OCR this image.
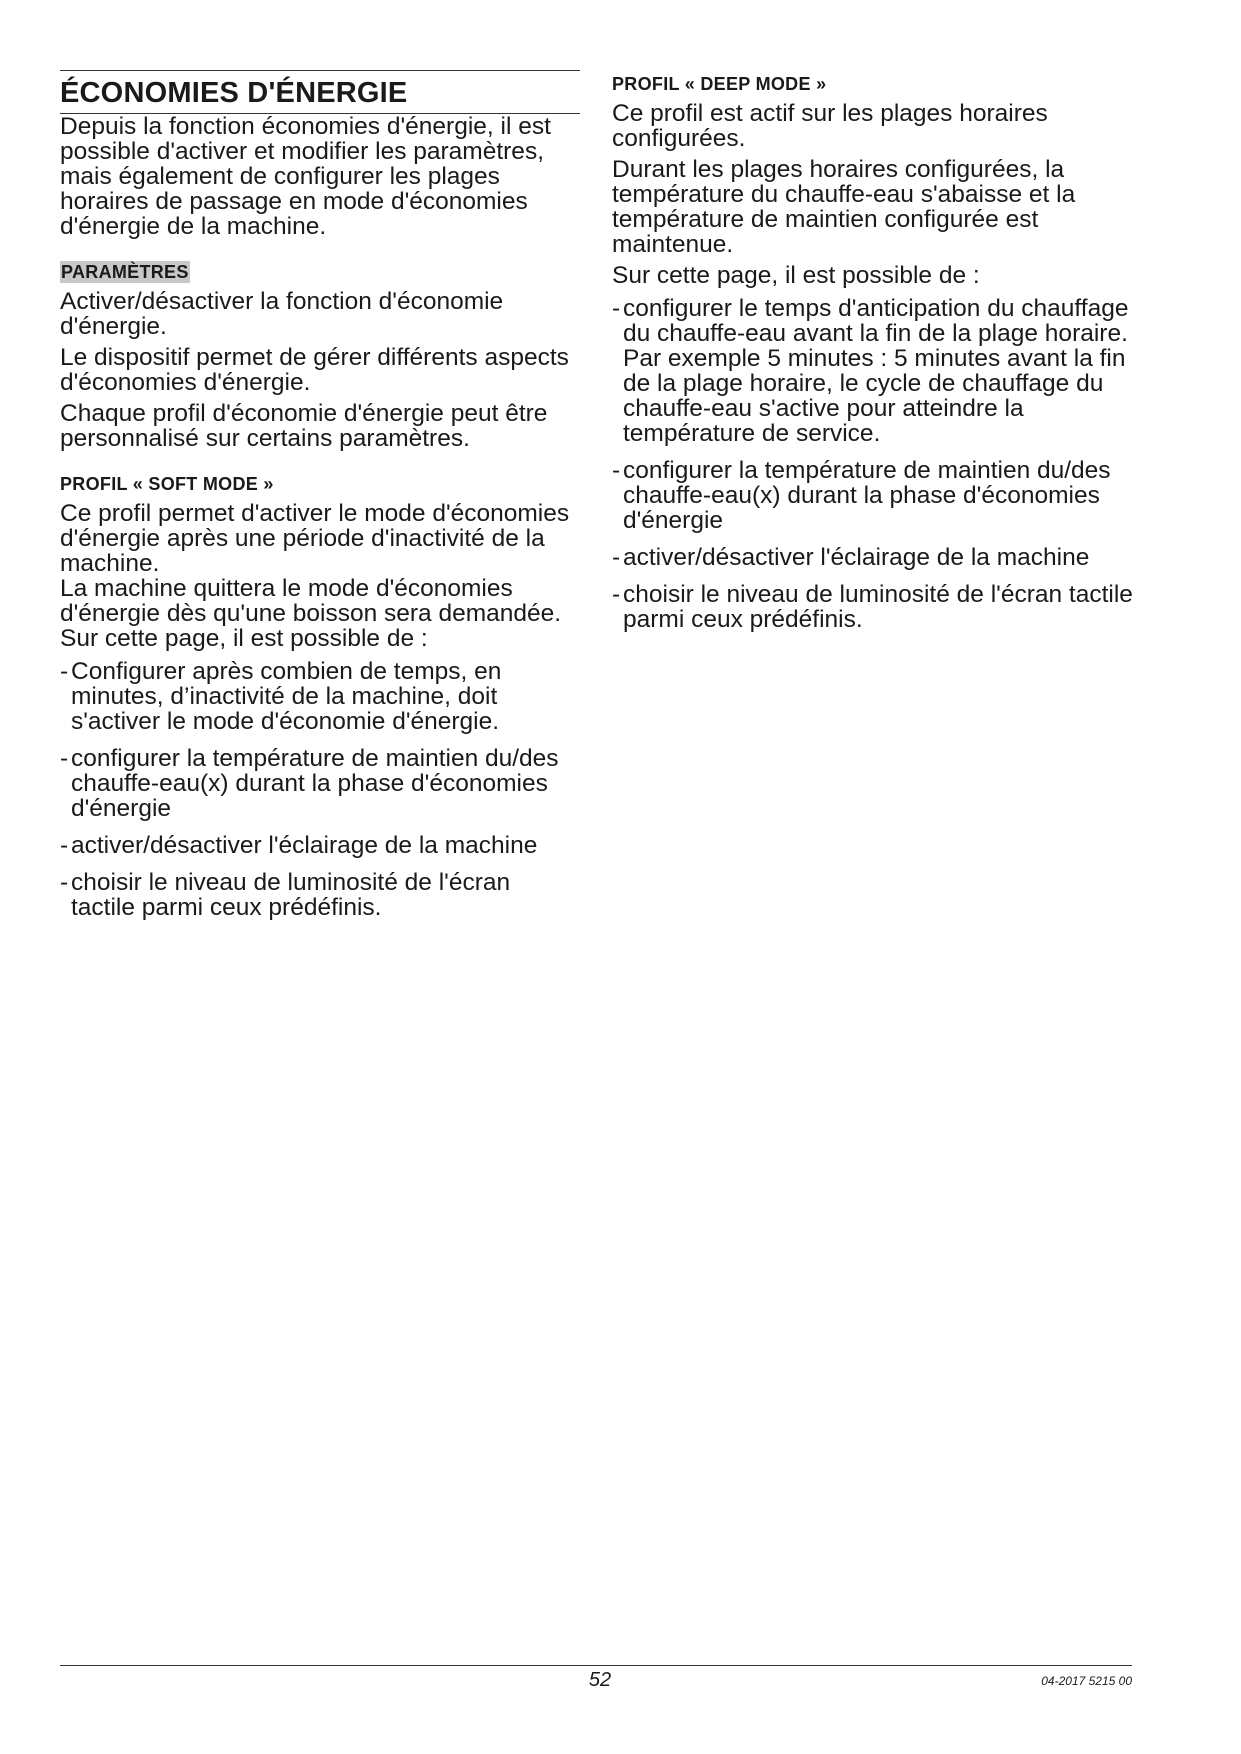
ÉCONOMIES D'ÉNERGIE

Depuis la fonction économies d'énergie, il est possible d'activer et modifier les paramètres, mais également de configurer les plages horaires de passage en mode d'économies d'énergie de la machine.

PARAMÈTRES

Activer/désactiver la fonction d'économie d'énergie.

Le dispositif permet de gérer différents aspects d'économies d'énergie.

Chaque profil d'économie d'énergie peut être personnalisé sur certains paramètres.

PROFIL « SOFT MODE »

Ce profil permet d'activer le mode d'économies d'énergie après une période d'inactivité de la machine.

La machine quittera le mode d'économies d'énergie dès qu'une boisson sera demandée.

Sur cette page, il est possible de :

- Configurer après combien de temps, en minutes, d’inactivité de la machine, doit s'activer le mode d'économie d'énergie.
- configurer la température de maintien du/des chauffe-eau(x) durant la phase d'économies d'énergie
- activer/désactiver l'éclairage de la machine
- choisir le niveau de luminosité de l'écran tactile parmi ceux prédéfinis.
PROFIL « DEEP MODE »

Ce profil est actif sur les plages horaires configurées.

Durant les plages horaires configurées, la température du chauffe-eau s'abaisse et la température de maintien configurée est maintenue.

Sur cette page, il est possible de :

- configurer le temps d'anticipation du chauffage du chauffe-eau avant la fin de la plage horaire.
Par exemple 5 minutes : 5 minutes avant la fin de la plage horaire, le cycle de chauffage du chauffe-eau s'active pour atteindre la température de service.
- configurer la température de maintien du/des chauffe-eau(x) durant la phase d'économies d'énergie
- activer/désactiver l'éclairage de la machine
- choisir le niveau de luminosité de l'écran tactile parmi ceux prédéfinis.
52	04-2017 5215 00
